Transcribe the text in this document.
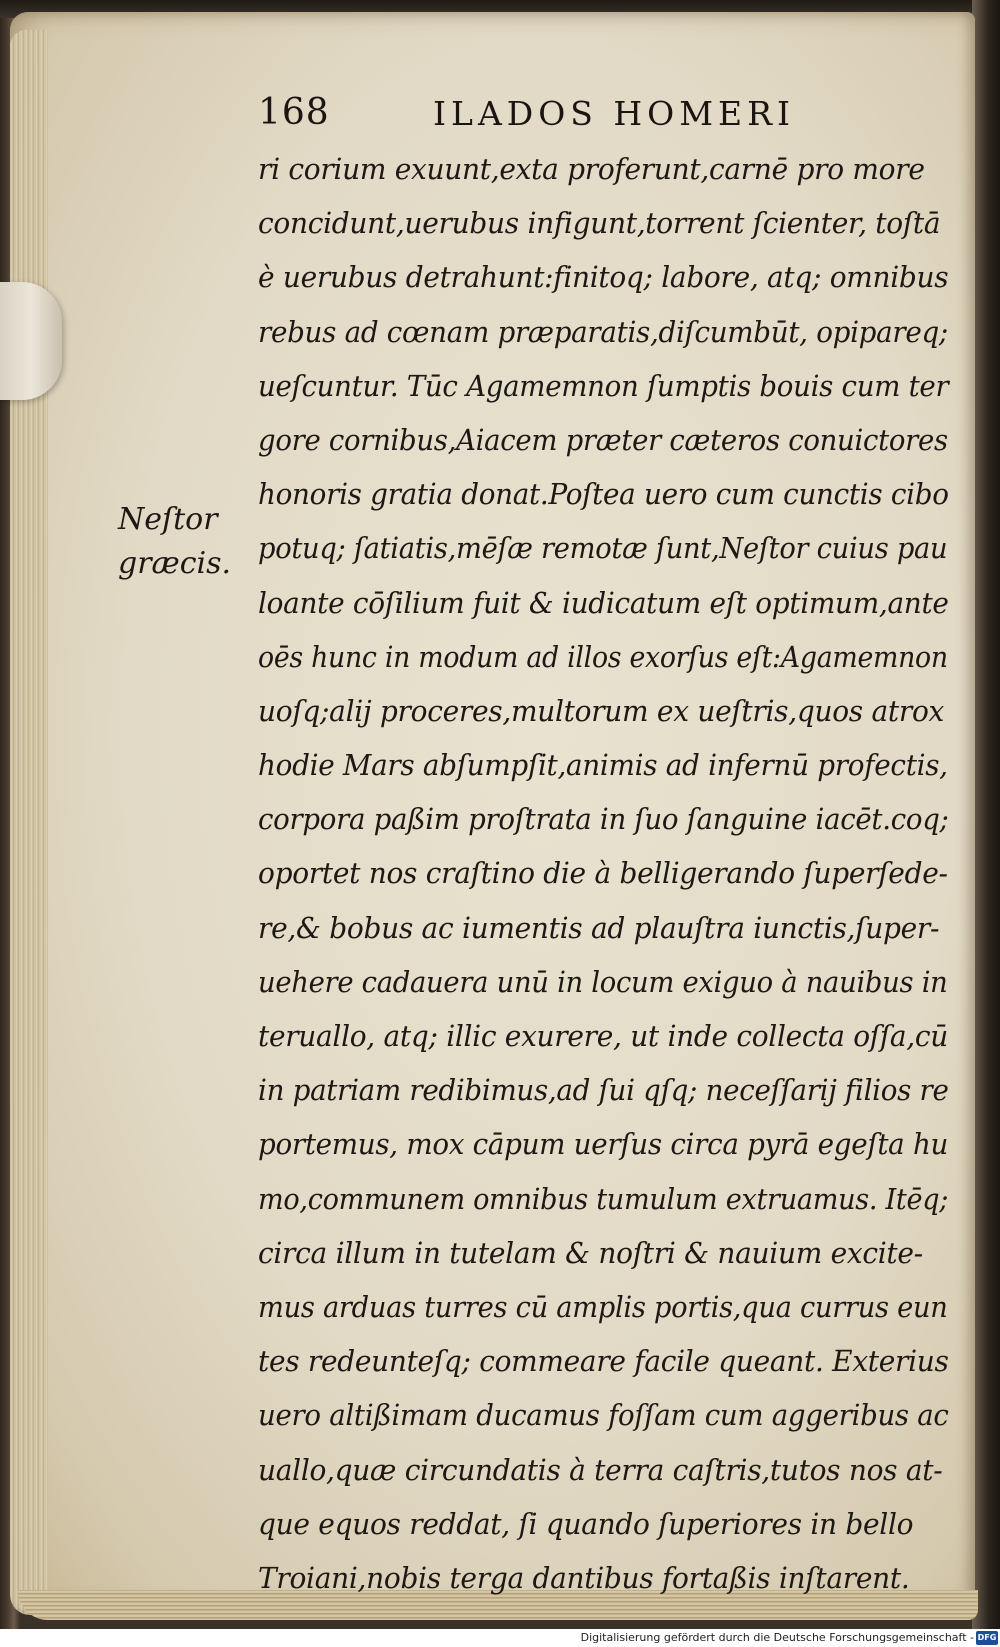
168	ILADOS HOMERI
Neſtor
græcis.
ri corium exuunt,exta proferunt,carnē pro more
concidunt,uerubus infigunt,torrent ſcienter, toſtā
è uerubus detrahunt:finitoq; labore, atq; omnibus
rebus ad cœnam præparatis,diſcumbūt, opipareq;
ueſcuntur. Tūc Agamemnon ſumptis bouis cum ter
gore cornibus,Aiacem præter cæteros conuictores
honoris gratia donat.Poſtea uero cum cunctis cibo
potuq; ſatiatis,mēſæ remotæ ſunt,Neſtor cuius pau
loante cōſilium fuit & iudicatum eſt optimum,ante
oēs hunc in modum ad illos exorſus eſt:Agamemnon
uoſq;alij proceres,multorum ex ueſtris,quos atrox
hodie Mars abſumpſit,animis ad infernū profectis,
corpora paßim proſtrata in ſuo ſanguine iacēt.coq;
oportet nos craſtino die à belligerando ſuperſede-
re,& bobus ac iumentis ad plauſtra iunctis,ſuper-
uehere cadauera unū in locum exiguo à nauibus in
teruallo, atq; illic exurere, ut inde collecta oſſa,cū
in patriam redibimus,ad ſui qſq; neceſſarij filios re
portemus, mox cāpum uerſus circa pyrā egeſta hu
mo,communem omnibus tumulum extruamus. Itēq;
circa illum in tutelam & noſtri & nauium excite-
mus arduas turres cū amplis portis,qua currus eun
tes redeunteſq; commeare facile queant. Exterius
uero altißimam ducamus foſſam cum aggeribus ac
uallo,quæ circundatis à terra caſtris,tutos nos at-
que equos reddat, ſi quando ſuperiores in bello
Troiani,nobis terga dantibus fortaßis inſtarent.
Digitalisierung gefördert durch die Deutsche Forschungsgemeinschaft - DFG
